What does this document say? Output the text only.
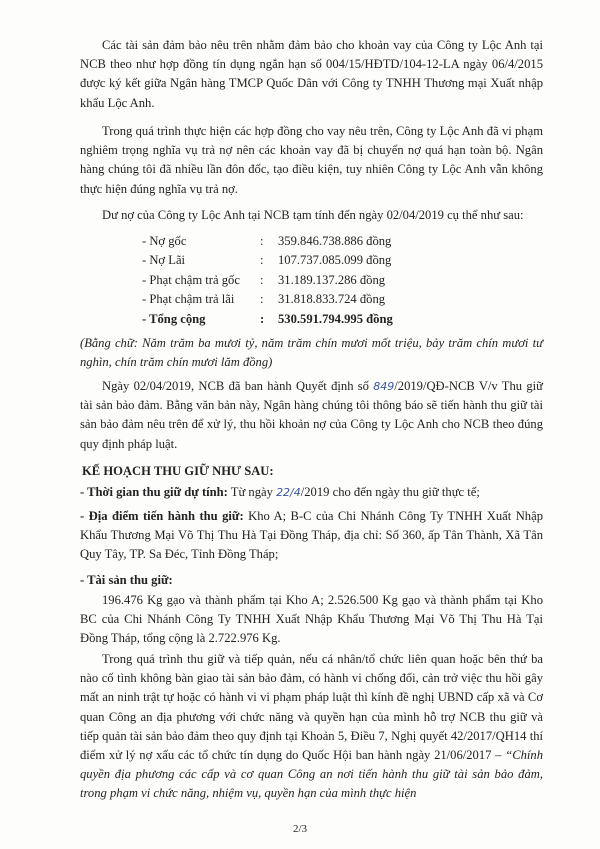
Các tài sản đảm bảo nêu trên nhằm đảm bảo cho khoản vay của Công ty Lộc Anh tại NCB theo như hợp đồng tín dụng ngắn hạn số 004/15/HĐTD/104-12-LA ngày 06/4/2015 được ký kết giữa Ngân hàng TMCP Quốc Dân với Công ty TNHH Thương mại Xuất nhập khẩu Lộc Anh.

Trong quá trình thực hiện các hợp đồng cho vay nêu trên, Công ty Lộc Anh đã vi phạm nghiêm trọng nghĩa vụ trả nợ nên các khoản vay đã bị chuyển nợ quá hạn toàn bộ. Ngân hàng chúng tôi đã nhiều lần đôn đốc, tạo điều kiện, tuy nhiên Công ty Lộc Anh vẫn không thực hiện đúng nghĩa vụ trả nợ.

Dư nợ của Công ty Lộc Anh tại NCB tạm tính đến ngày 02/04/2019 cụ thể như sau:

- Nợ gốc	: 359.846.738.886 đồng
- Nợ Lãi	: 107.737.085.099 đồng
- Phạt chậm trả gốc : 31.189.137.286 đồng
- Phạt chậm trả lãi : 31.818.833.724 đồng
- Tổng cộng	: 530.591.794.995 đồng

(Bằng chữ: Năm trăm ba mươi tỷ, năm trăm chín mươi mốt triệu, bảy trăm chín mươi tư nghìn, chín trăm chín mươi lăm đồng)

Ngày 02/04/2019, NCB đã ban hành Quyết định số 849/2019/QĐ-NCB V/v Thu giữ tài sản bảo đảm. Bằng văn bản này, Ngân hàng chúng tôi thông báo sẽ tiến hành thu giữ tài sản bảo đảm nêu trên để xử lý, thu hồi khoản nợ của Công ty Lộc Anh cho NCB theo đúng quy định pháp luật.

KẾ HOẠCH THU GIỮ NHƯ SAU:

- Thời gian thu giữ dự tính: Từ ngày 22/4/2019 cho đến ngày thu giữ thực tế;

- Địa điểm tiến hành thu giữ: Kho A; B-C của Chi Nhánh Công Ty TNHH Xuất Nhập Khẩu Thương Mại Võ Thị Thu Hà Tại Đồng Tháp, địa chỉ: Số 360, ấp Tân Thành, Xã Tân Quy Tây, TP. Sa Đéc, Tỉnh Đồng Tháp;

- Tài sản thu giữ:

196.476 Kg gạo và thành phẩm tại Kho A; 2.526.500 Kg gạo và thành phẩm tại Kho BC của Chi Nhánh Công Ty TNHH Xuất Nhập Khẩu Thương Mại Võ Thị Thu Hà Tại Đồng Tháp, tổng cộng là 2.722.976 Kg.

Trong quá trình thu giữ và tiếp quản, nếu cá nhân/tổ chức liên quan hoặc bên thứ ba nào cố tình không bàn giao tài sản bảo đảm, có hành vi chống đối, cản trở việc thu hồi gây mất an ninh trật tự hoặc có hành vi vi phạm pháp luật thì kính đề nghị UBND cấp xã và Cơ quan Công an địa phương với chức năng và quyền hạn của mình hỗ trợ NCB thu giữ và tiếp quản tài sản bảo đảm theo quy định tại Khoản 5, Điều 7, Nghị quyết 42/2017/QH14 thí điểm xử lý nợ xấu các tổ chức tín dụng do Quốc Hội ban hành ngày 21/06/2017 – “Chính quyền địa phương các cấp và cơ quan Công an nơi tiến hành thu giữ tài sản bảo đảm, trong phạm vi chức năng, nhiệm vụ, quyền hạn của mình thực hiện

2/3
